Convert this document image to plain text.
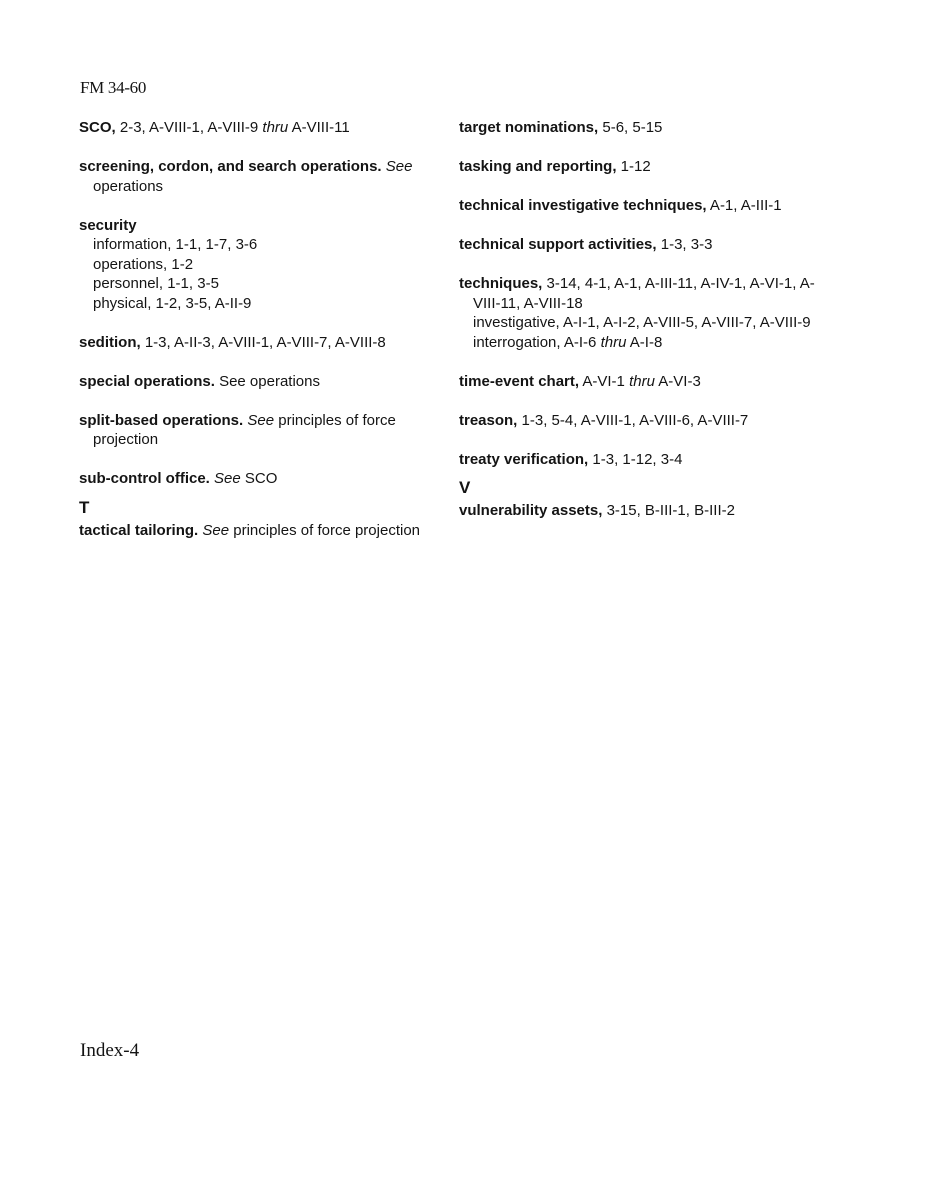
FM 34-60
SCO, 2-3, A-VIII-1, A-VIII-9 thru A-VIII-11
screening, cordon, and search operations. See operations
security
information, 1-1, 1-7, 3-6
operations, 1-2
personnel, 1-1, 3-5
physical, 1-2, 3-5, A-II-9
sedition, 1-3, A-II-3, A-VIII-1, A-VIII-7, A-VIII-8
special operations. See operations
split-based operations. See principles of force projection
sub-control office. See SCO
T
tactical tailoring. See principles of force projection
target nominations, 5-6, 5-15
tasking and reporting, 1-12
technical investigative techniques, A-1, A-III-1
technical support activities, 1-3, 3-3
techniques, 3-14, 4-1, A-1, A-III-11, A-IV-1, A-VI-1, A-VIII-11, A-VIII-18
investigative, A-I-1, A-I-2, A-VIII-5, A-VIII-7, A-VIII-9
interrogation, A-I-6 thru A-I-8
time-event chart, A-VI-1 thru A-VI-3
treason, 1-3, 5-4, A-VIII-1, A-VIII-6, A-VIII-7
treaty verification, 1-3, 1-12, 3-4
V
vulnerability assets, 3-15, B-III-1, B-III-2
Index-4
